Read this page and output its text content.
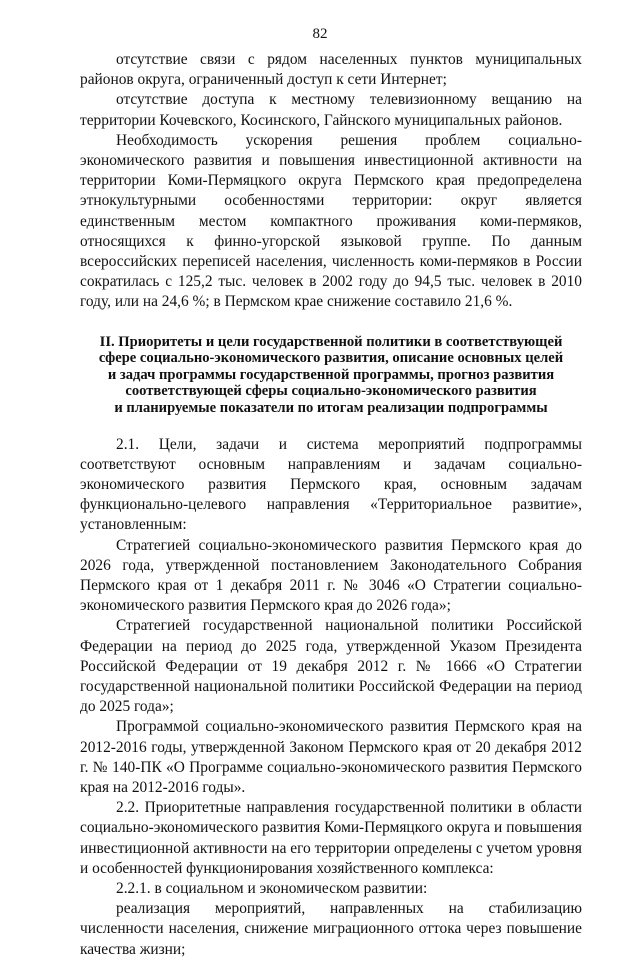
82

отсутствие связи с рядом населенных пунктов муниципальных районов округа, ограниченный доступ к сети Интернет;

отсутствие доступа к местному телевизионному вещанию на территории Кочевского, Косинского, Гайнского муниципальных районов.

Необходимость ускорения решения проблем социально-экономического развития и повышения инвестиционной активности на территории Коми-Пермяцкого округа Пермского края предопределена этнокультурными особенностями территории: округ является единственным местом компактного проживания коми-пермяков, относящихся к финно-угорской языковой группе. По данным всероссийских переписей населения, численность коми-пермяков в России сократилась с 125,2 тыс. человек в 2002 году до 94,5 тыс. человек в 2010 году, или на 24,6 %; в Пермском крае снижение составило 21,6 %.

II. Приоритеты и цели государственной политики в соответствующей
сфере социально-экономического развития, описание основных целей
и задач программы государственной программы, прогноз развития
соответствующей сферы социально-экономического развития
и планируемые показатели по итогам реализации подпрограммы

2.1. Цели, задачи и система мероприятий подпрограммы соответствуют основным направлениям и задачам социально-экономического развития Пермского края, основным задачам функционально-целевого направления «Территориальное развитие», установленным:

Стратегией социально-экономического развития Пермского края до 2026 года, утвержденной постановлением Законодательного Собрания Пермского края от 1 декабря 2011 г. № 3046 «О Стратегии социально-экономического развития Пермского края до 2026 года»;

Стратегией государственной национальной политики Российской Федерации на период до 2025 года, утвержденной Указом Президента Российской Федерации от 19 декабря 2012 г. № 1666 «О Стратегии государственной национальной политики Российской Федерации на период до 2025 года»;

Программой социально-экономического развития Пермского края на 2012-2016 годы, утвержденной Законом Пермского края от 20 декабря 2012 г. № 140-ПК «О Программе социально-экономического развития Пермского края на 2012-2016 годы».

2.2. Приоритетные направления государственной политики в области социально-экономического развития Коми-Пермяцкого округа и повышения инвестиционной активности на его территории определены с учетом уровня и особенностей функционирования хозяйственного комплекса:

2.2.1. в социальном и экономическом развитии:

реализация мероприятий, направленных на стабилизацию численности населения, снижение миграционного оттока через повышение качества жизни;
